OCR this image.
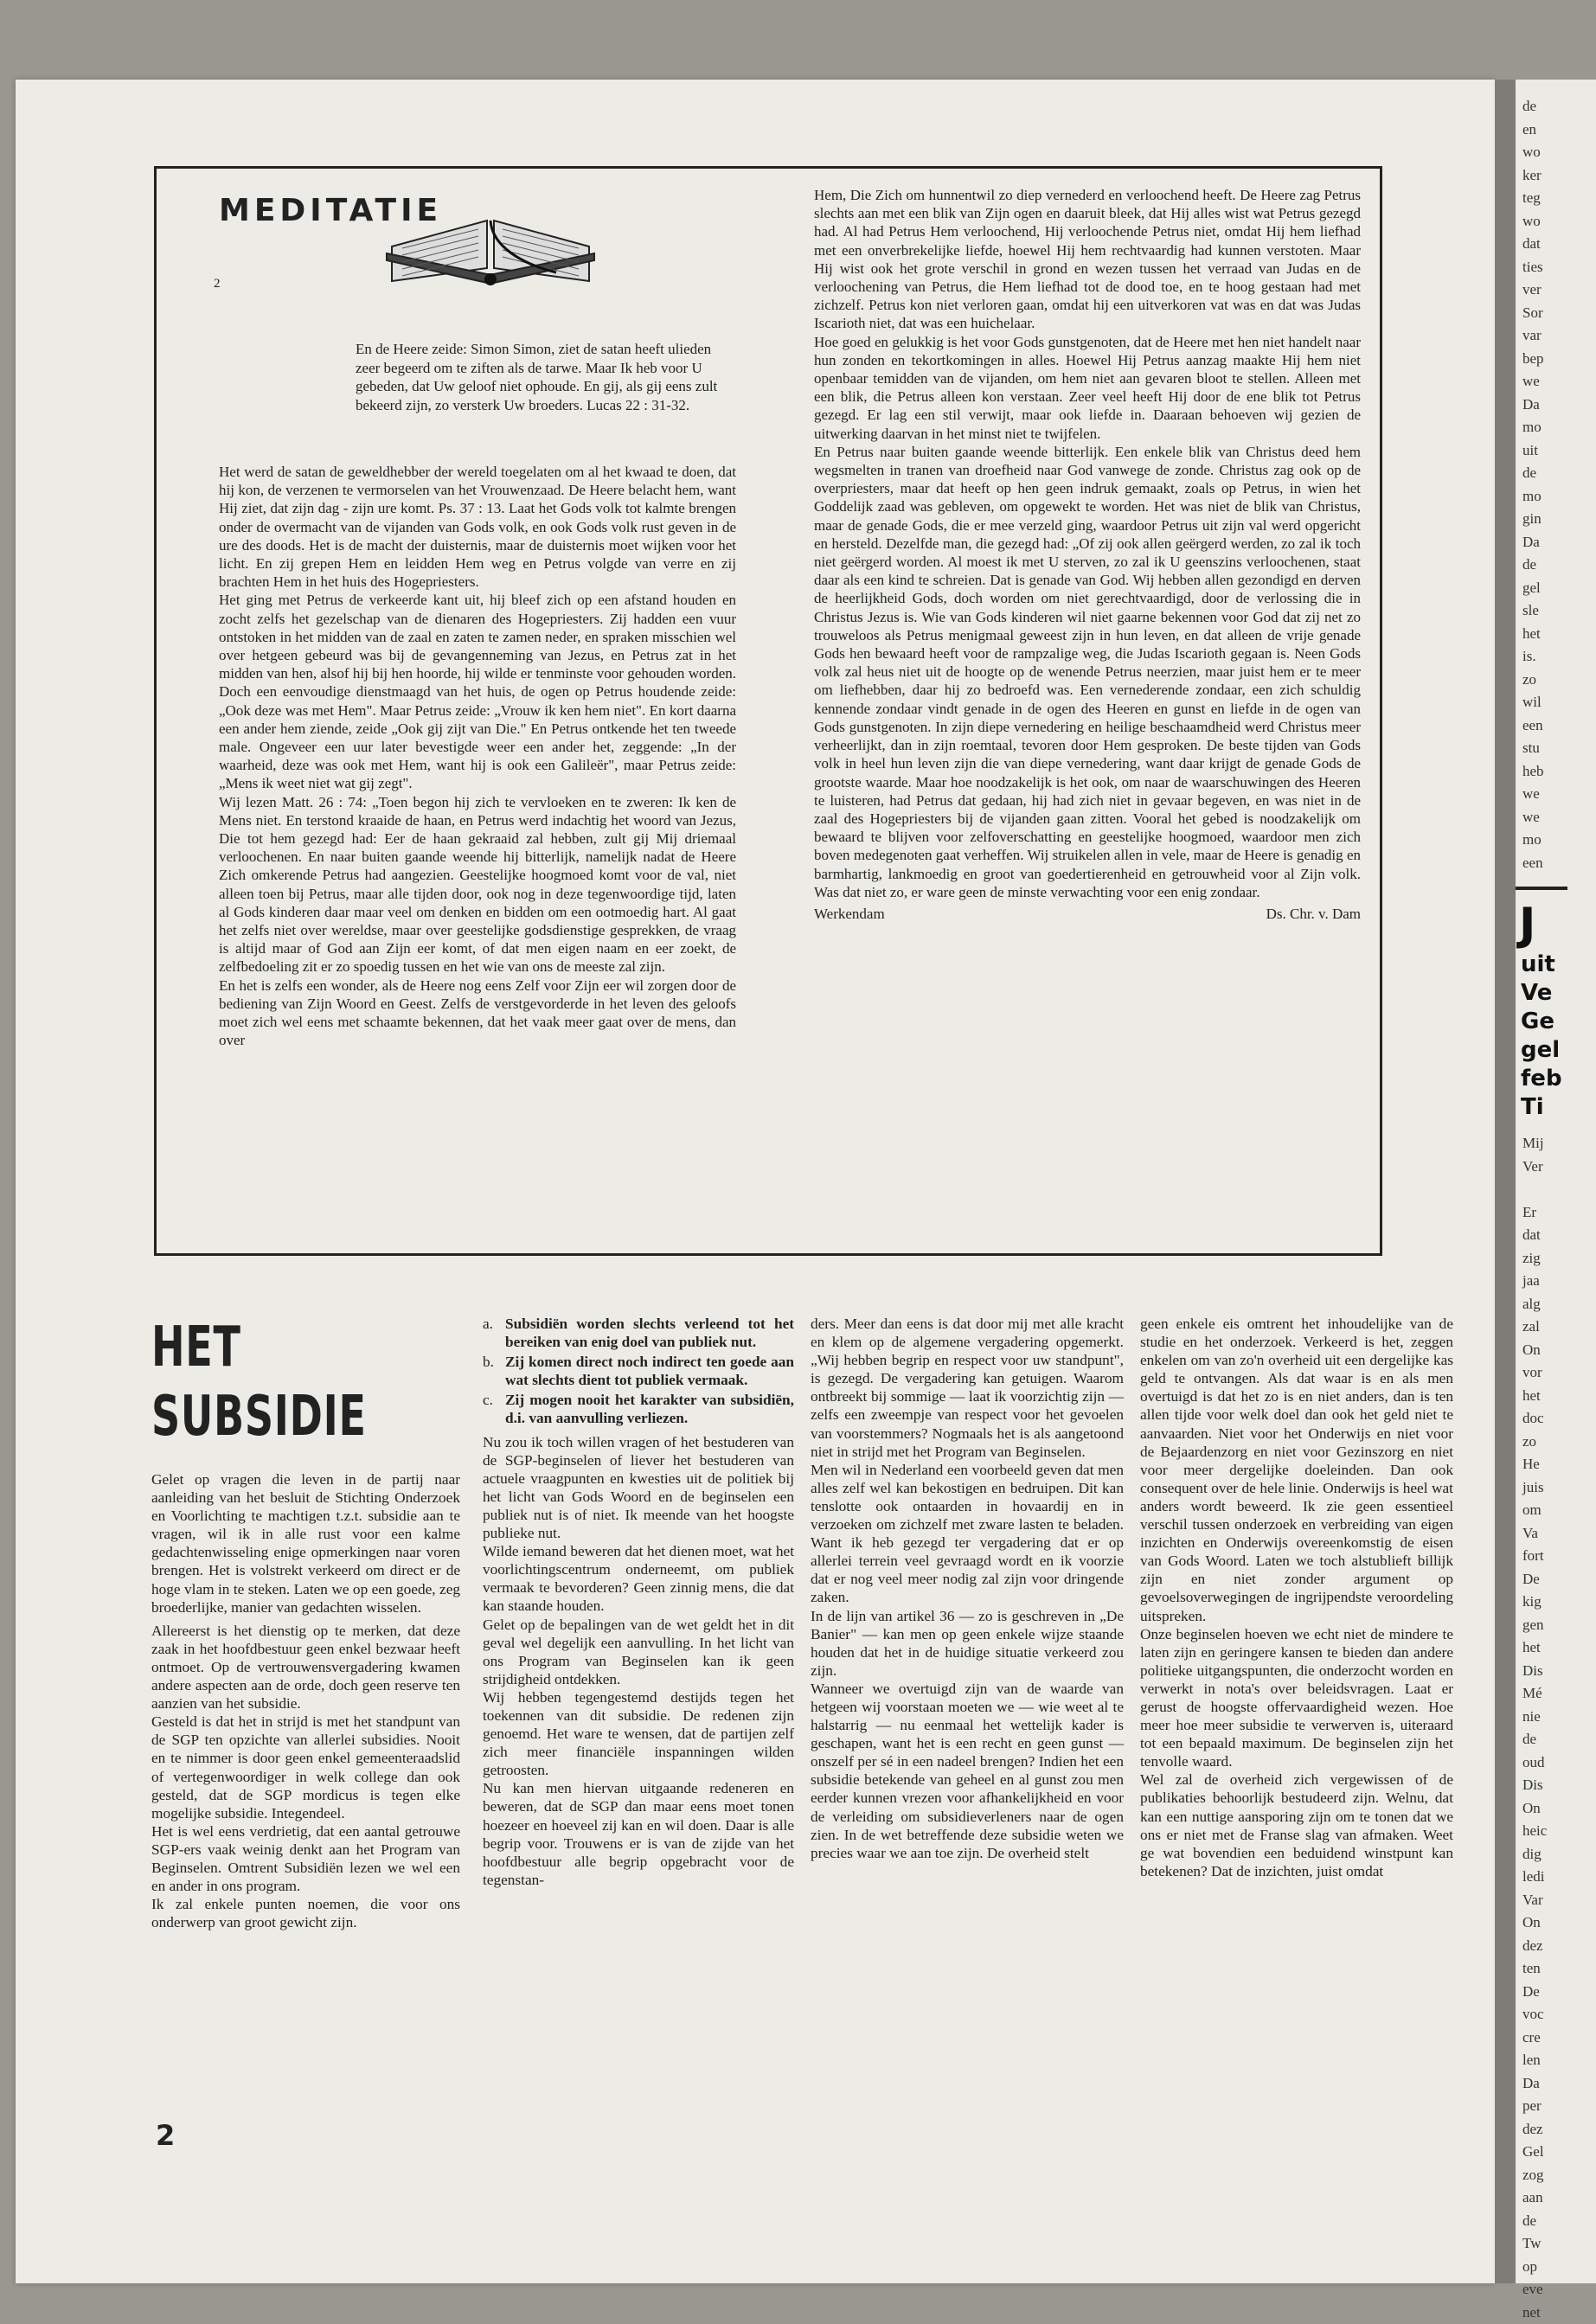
de
en
wo
ker
teg
wo
dat
ties
ver
Sor
var
bep
we
Da
mo
uit
de
mo
gin
Da
de
gel
sle
het
is.
zo
wil
een
stu
heb
we
we
mo
een
J
uit
Ve
Ge
gel
feb
Ti
Mij
Ver

Er
dat
zig
jaa
alg
zal
On
vor
het
doc
zo
He
juis
om
Va
fort
De
kig
gen
het
Dis
Mé
nie
de
oud
Dis
On
heic
dig
ledi
Var
On
dez
ten
De
voc
cre
len
Da
per
dez
Gel
zog
aan
de
Tw
op
eve
net
MEDITATIE
2
En de Heere zeide: Simon Simon, ziet de satan heeft ulieden zeer begeerd om te ziften als de tarwe. Maar Ik heb voor U gebeden, dat Uw geloof niet ophoude. En gij, als gij eens zult bekeerd zijn, zo versterk Uw broeders. Lucas 22 : 31-32.

Het werd de satan de geweldhebber der wereld toegelaten om al het kwaad te doen, dat hij kon, de verzenen te vermorselen van het Vrouwenzaad. De Heere belacht hem, want Hij ziet, dat zijn dag - zijn ure komt. Ps. 37 : 13. Laat het Gods volk tot kalmte brengen onder de overmacht van de vijanden van Gods volk, en ook Gods volk rust geven in de ure des doods. Het is de macht der duisternis, maar de duisternis moet wijken voor het licht. En zij grepen Hem en leidden Hem weg en Petrus volgde van verre en zij brachten Hem in het huis des Hogepriesters.

Het ging met Petrus de verkeerde kant uit, hij bleef zich op een afstand houden en zocht zelfs het gezelschap van de dienaren des Hogepriesters. Zij hadden een vuur ontstoken in het midden van de zaal en zaten te zamen neder, en spraken misschien wel over hetgeen gebeurd was bij de gevangenneming van Jezus, en Petrus zat in het midden van hen, alsof hij bij hen hoorde, hij wilde er tenminste voor gehouden worden. Doch een eenvoudige dienstmaagd van het huis, de ogen op Petrus houdende zeide: „Ook deze was met Hem". Maar Petrus zeide: „Vrouw ik ken hem niet". En kort daarna een ander hem ziende, zeide „Ook gij zijt van Die." En Petrus ontkende het ten tweede male. Ongeveer een uur later bevestigde weer een ander het, zeggende: „In der waarheid, deze was ook met Hem, want hij is ook een Galileër", maar Petrus zeide: „Mens ik weet niet wat gij zegt".

Wij lezen Matt. 26 : 74: „Toen begon hij zich te vervloeken en te zweren: Ik ken de Mens niet. En terstond kraaide de haan, en Petrus werd indachtig het woord van Jezus, Die tot hem gezegd had: Eer de haan gekraaid zal hebben, zult gij Mij driemaal verloochenen. En naar buiten gaande weende hij bitterlijk, namelijk nadat de Heere Zich omkerende Petrus had aangezien. Geestelijke hoogmoed komt voor de val, niet alleen toen bij Petrus, maar alle tijden door, ook nog in deze tegenwoordige tijd, laten al Gods kinderen daar maar veel om denken en bidden om een ootmoedig hart. Al gaat het zelfs niet over wereldse, maar over geestelijke godsdienstige gesprekken, de vraag is altijd maar of God aan Zijn eer komt, of dat men eigen naam en eer zoekt, de zelfbedoeling zit er zo spoedig tussen en het wie van ons de meeste zal zijn.

En het is zelfs een wonder, als de Heere nog eens Zelf voor Zijn eer wil zorgen door de bediening van Zijn Woord en Geest. Zelfs de verstgevorderde in het leven des geloofs moet zich wel eens met schaamte bekennen, dat het vaak meer gaat over de mens, dan over

Hem, Die Zich om hunnentwil zo diep vernederd en verloochend heeft. De Heere zag Petrus slechts aan met een blik van Zijn ogen en daaruit bleek, dat Hij alles wist wat Petrus gezegd had. Al had Petrus Hem verloochend, Hij verloochende Petrus niet, omdat Hij hem liefhad met een onverbrekelijke liefde, hoewel Hij hem rechtvaardig had kunnen verstoten. Maar Hij wist ook het grote verschil in grond en wezen tussen het verraad van Judas en de verloochening van Petrus, die Hem liefhad tot de dood toe, en te hoog gestaan had met zichzelf. Petrus kon niet verloren gaan, omdat hij een uitverkoren vat was en dat was Judas Iscarioth niet, dat was een huichelaar.

Hoe goed en gelukkig is het voor Gods gunstgenoten, dat de Heere met hen niet handelt naar hun zonden en tekortkomingen in alles. Hoewel Hij Petrus aanzag maakte Hij hem niet openbaar temidden van de vijanden, om hem niet aan gevaren bloot te stellen. Alleen met een blik, die Petrus alleen kon verstaan. Zeer veel heeft Hij door de ene blik tot Petrus gezegd. Er lag een stil verwijt, maar ook liefde in. Daaraan behoeven wij gezien de uitwerking daarvan in het minst niet te twijfelen.

En Petrus naar buiten gaande weende bitterlijk. Een enkele blik van Christus deed hem wegsmelten in tranen van droefheid naar God vanwege de zonde. Christus zag ook op de overpriesters, maar dat heeft op hen geen indruk gemaakt, zoals op Petrus, in wien het Goddelijk zaad was gebleven, om opgewekt te worden. Het was niet de blik van Christus, maar de genade Gods, die er mee verzeld ging, waardoor Petrus uit zijn val werd opgericht en hersteld. Dezelfde man, die gezegd had: „Of zij ook allen geërgerd werden, zo zal ik toch niet geërgerd worden. Al moest ik met U sterven, zo zal ik U geenszins verloochenen, staat daar als een kind te schreien. Dat is genade van God. Wij hebben allen gezondigd en derven de heerlijkheid Gods, doch worden om niet gerechtvaardigd, door de verlossing die in Christus Jezus is. Wie van Gods kinderen wil niet gaarne bekennen voor God dat zij net zo trouweloos als Petrus menigmaal geweest zijn in hun leven, en dat alleen de vrije genade Gods hen bewaard heeft voor de rampzalige weg, die Judas Iscarioth gegaan is. Neen Gods volk zal heus niet uit de hoogte op de wenende Petrus neerzien, maar juist hem er te meer om liefhebben, daar hij zo bedroefd was. Een vernederende zondaar, een zich schuldig kennende zondaar vindt genade in de ogen des Heeren en gunst en liefde in de ogen van Gods gunstgenoten. In zijn diepe vernedering en heilige beschaamdheid werd Christus meer verheerlijkt, dan in zijn roemtaal, tevoren door Hem gesproken. De beste tijden van Gods volk in heel hun leven zijn die van diepe vernedering, want daar krijgt de genade Gods de grootste waarde. Maar hoe noodzakelijk is het ook, om naar de waarschuwingen des Heeren te luisteren, had Petrus dat gedaan, hij had zich niet in gevaar begeven, en was niet in de zaal des Hogepriesters bij de vijanden gaan zitten. Vooral het gebed is noodzakelijk om bewaard te blijven voor zelfoverschatting en geestelijke hoogmoed, waardoor men zich boven medegenoten gaat verheffen. Wij struikelen allen in vele, maar de Heere is genadig en barmhartig, lankmoedig en groot van goedertierenheid en getrouwheid voor al Zijn volk. Was dat niet zo, er ware geen de minste verwachting voor een enig zondaar.

Werkendam	Ds. Chr. v. Dam
HET
SUBSIDIE

Gelet op vragen die leven in de partij naar aanleiding van het besluit de Stichting Onderzoek en Voorlichting te machtigen t.z.t. subsidie aan te vragen, wil ik in alle rust voor een kalme gedachtenwisseling enige opmerkingen naar voren brengen. Het is volstrekt verkeerd om direct er de hoge vlam in te steken. Laten we op een goede, zeg broederlijke, manier van gedachten wisselen.

Allereerst is het dienstig op te merken, dat deze zaak in het hoofdbestuur geen enkel bezwaar heeft ontmoet. Op de vertrouwensvergadering kwamen andere aspecten aan de orde, doch geen reserve ten aanzien van het subsidie.

Gesteld is dat het in strijd is met het standpunt van de SGP ten opzichte van allerlei subsidies. Nooit en te nimmer is door geen enkel gemeenteraadslid of vertegenwoordiger in welk college dan ook gesteld, dat de SGP mordicus is tegen elke mogelijke subsidie. Integendeel.

Het is wel eens verdrietig, dat een aantal getrouwe SGP-ers vaak weinig denkt aan het Program van Beginselen. Omtrent Subsidiën lezen we wel een en ander in ons program.

Ik zal enkele punten noemen, die voor ons onderwerp van groot gewicht zijn.

a. Subsidiën worden slechts verleend tot het bereiken van enig doel van publiek nut.
b. Zij komen direct noch indirect ten goede aan wat slechts dient tot publiek vermaak.
c. Zij mogen nooit het karakter van subsidiën, d.i. van aanvulling verliezen.

Nu zou ik toch willen vragen of het bestuderen van de SGP-beginselen of liever het bestuderen van actuele vraagpunten en kwesties uit de politiek bij het licht van Gods Woord en de beginselen een publiek nut is of niet. Ik meende van het hoogste publieke nut.

Wilde iemand beweren dat het dienen moet, wat het voorlichtingscentrum onderneemt, om publiek vermaak te bevorderen? Geen zinnig mens, die dat kan staande houden.

Gelet op de bepalingen van de wet geldt het in dit geval wel degelijk een aanvulling. In het licht van ons Program van Beginselen kan ik geen strijdigheid ontdekken.

Wij hebben tegengestemd destijds tegen het toekennen van dit subsidie. De redenen zijn genoemd. Het ware te wensen, dat de partijen zelf zich meer financiële inspanningen wilden getroosten.

Nu kan men hiervan uitgaande redeneren en beweren, dat de SGP dan maar eens moet tonen hoezeer en hoeveel zij kan en wil doen. Daar is alle begrip voor. Trouwens er is van de zijde van het hoofdbestuur alle begrip opgebracht voor de tegenstan-

ders. Meer dan eens is dat door mij met alle kracht en klem op de algemene vergadering opgemerkt. „Wij hebben begrip en respect voor uw standpunt", is gezegd. De vergadering kan getuigen. Waarom ontbreekt bij sommige — laat ik voorzichtig zijn — zelfs een zweempje van respect voor het gevoelen van voorstemmers? Nogmaals het is als aangetoond niet in strijd met het Program van Beginselen.

Men wil in Nederland een voorbeeld geven dat men alles zelf wel kan bekostigen en bedruipen. Dit kan tenslotte ook ontaarden in hovaardij en in verzoeken om zichzelf met zware lasten te beladen. Want ik heb gezegd ter vergadering dat er op allerlei terrein veel gevraagd wordt en ik voorzie dat er nog veel meer nodig zal zijn voor dringende zaken.

In de lijn van artikel 36 — zo is geschreven in „De Banier" — kan men op geen enkele wijze staande houden dat het in de huidige situatie verkeerd zou zijn.

Wanneer we overtuigd zijn van de waarde van hetgeen wij voorstaan moeten we — wie weet al te halstarrig — nu eenmaal het wettelijk kader is geschapen, want het is een recht en geen gunst — onszelf per sé in een nadeel brengen? Indien het een subsidie betekende van geheel en al gunst zou men eerder kunnen vrezen voor afhankelijkheid en voor de verleiding om subsidieverleners naar de ogen zien. In de wet betreffende deze subsidie weten we precies waar we aan toe zijn. De overheid stelt

geen enkele eis omtrent het inhoudelijke van de studie en het onderzoek. Verkeerd is het, zeggen enkelen om van zo'n overheid uit een dergelijke kas geld te ontvangen. Als dat waar is en als men overtuigd is dat het zo is en niet anders, dan is ten allen tijde voor welk doel dan ook het geld niet te aanvaarden. Niet voor het Onderwijs en niet voor de Bejaardenzorg en niet voor Gezinszorg en niet voor meer dergelijke doeleinden. Dan ook consequent over de hele linie. Onderwijs is heel wat anders wordt beweerd. Ik zie geen essentieel verschil tussen onderzoek en verbreiding van eigen inzichten en Onderwijs overeenkomstig de eisen van Gods Woord. Laten we toch alstublieft billijk zijn en niet zonder argument op gevoelsoverwegingen de ingrijpendste veroordeling uitspreken.

Onze beginselen hoeven we echt niet de mindere te laten zijn en geringere kansen te bieden dan andere politieke uitgangspunten, die onderzocht worden en verwerkt in nota's over beleidsvragen. Laat er gerust de hoogste offervaardigheid wezen. Hoe meer hoe meer subsidie te verwerven is, uiteraard tot een bepaald maximum. De beginselen zijn het tenvolle waard.

Wel zal de overheid zich vergewissen of de publikaties behoorlijk bestudeerd zijn. Welnu, dat kan een nuttige aansporing zijn om te tonen dat we ons er niet met de Franse slag van afmaken. Weet ge wat bovendien een beduidend winstpunt kan betekenen? Dat de inzichten, juist omdat

2
